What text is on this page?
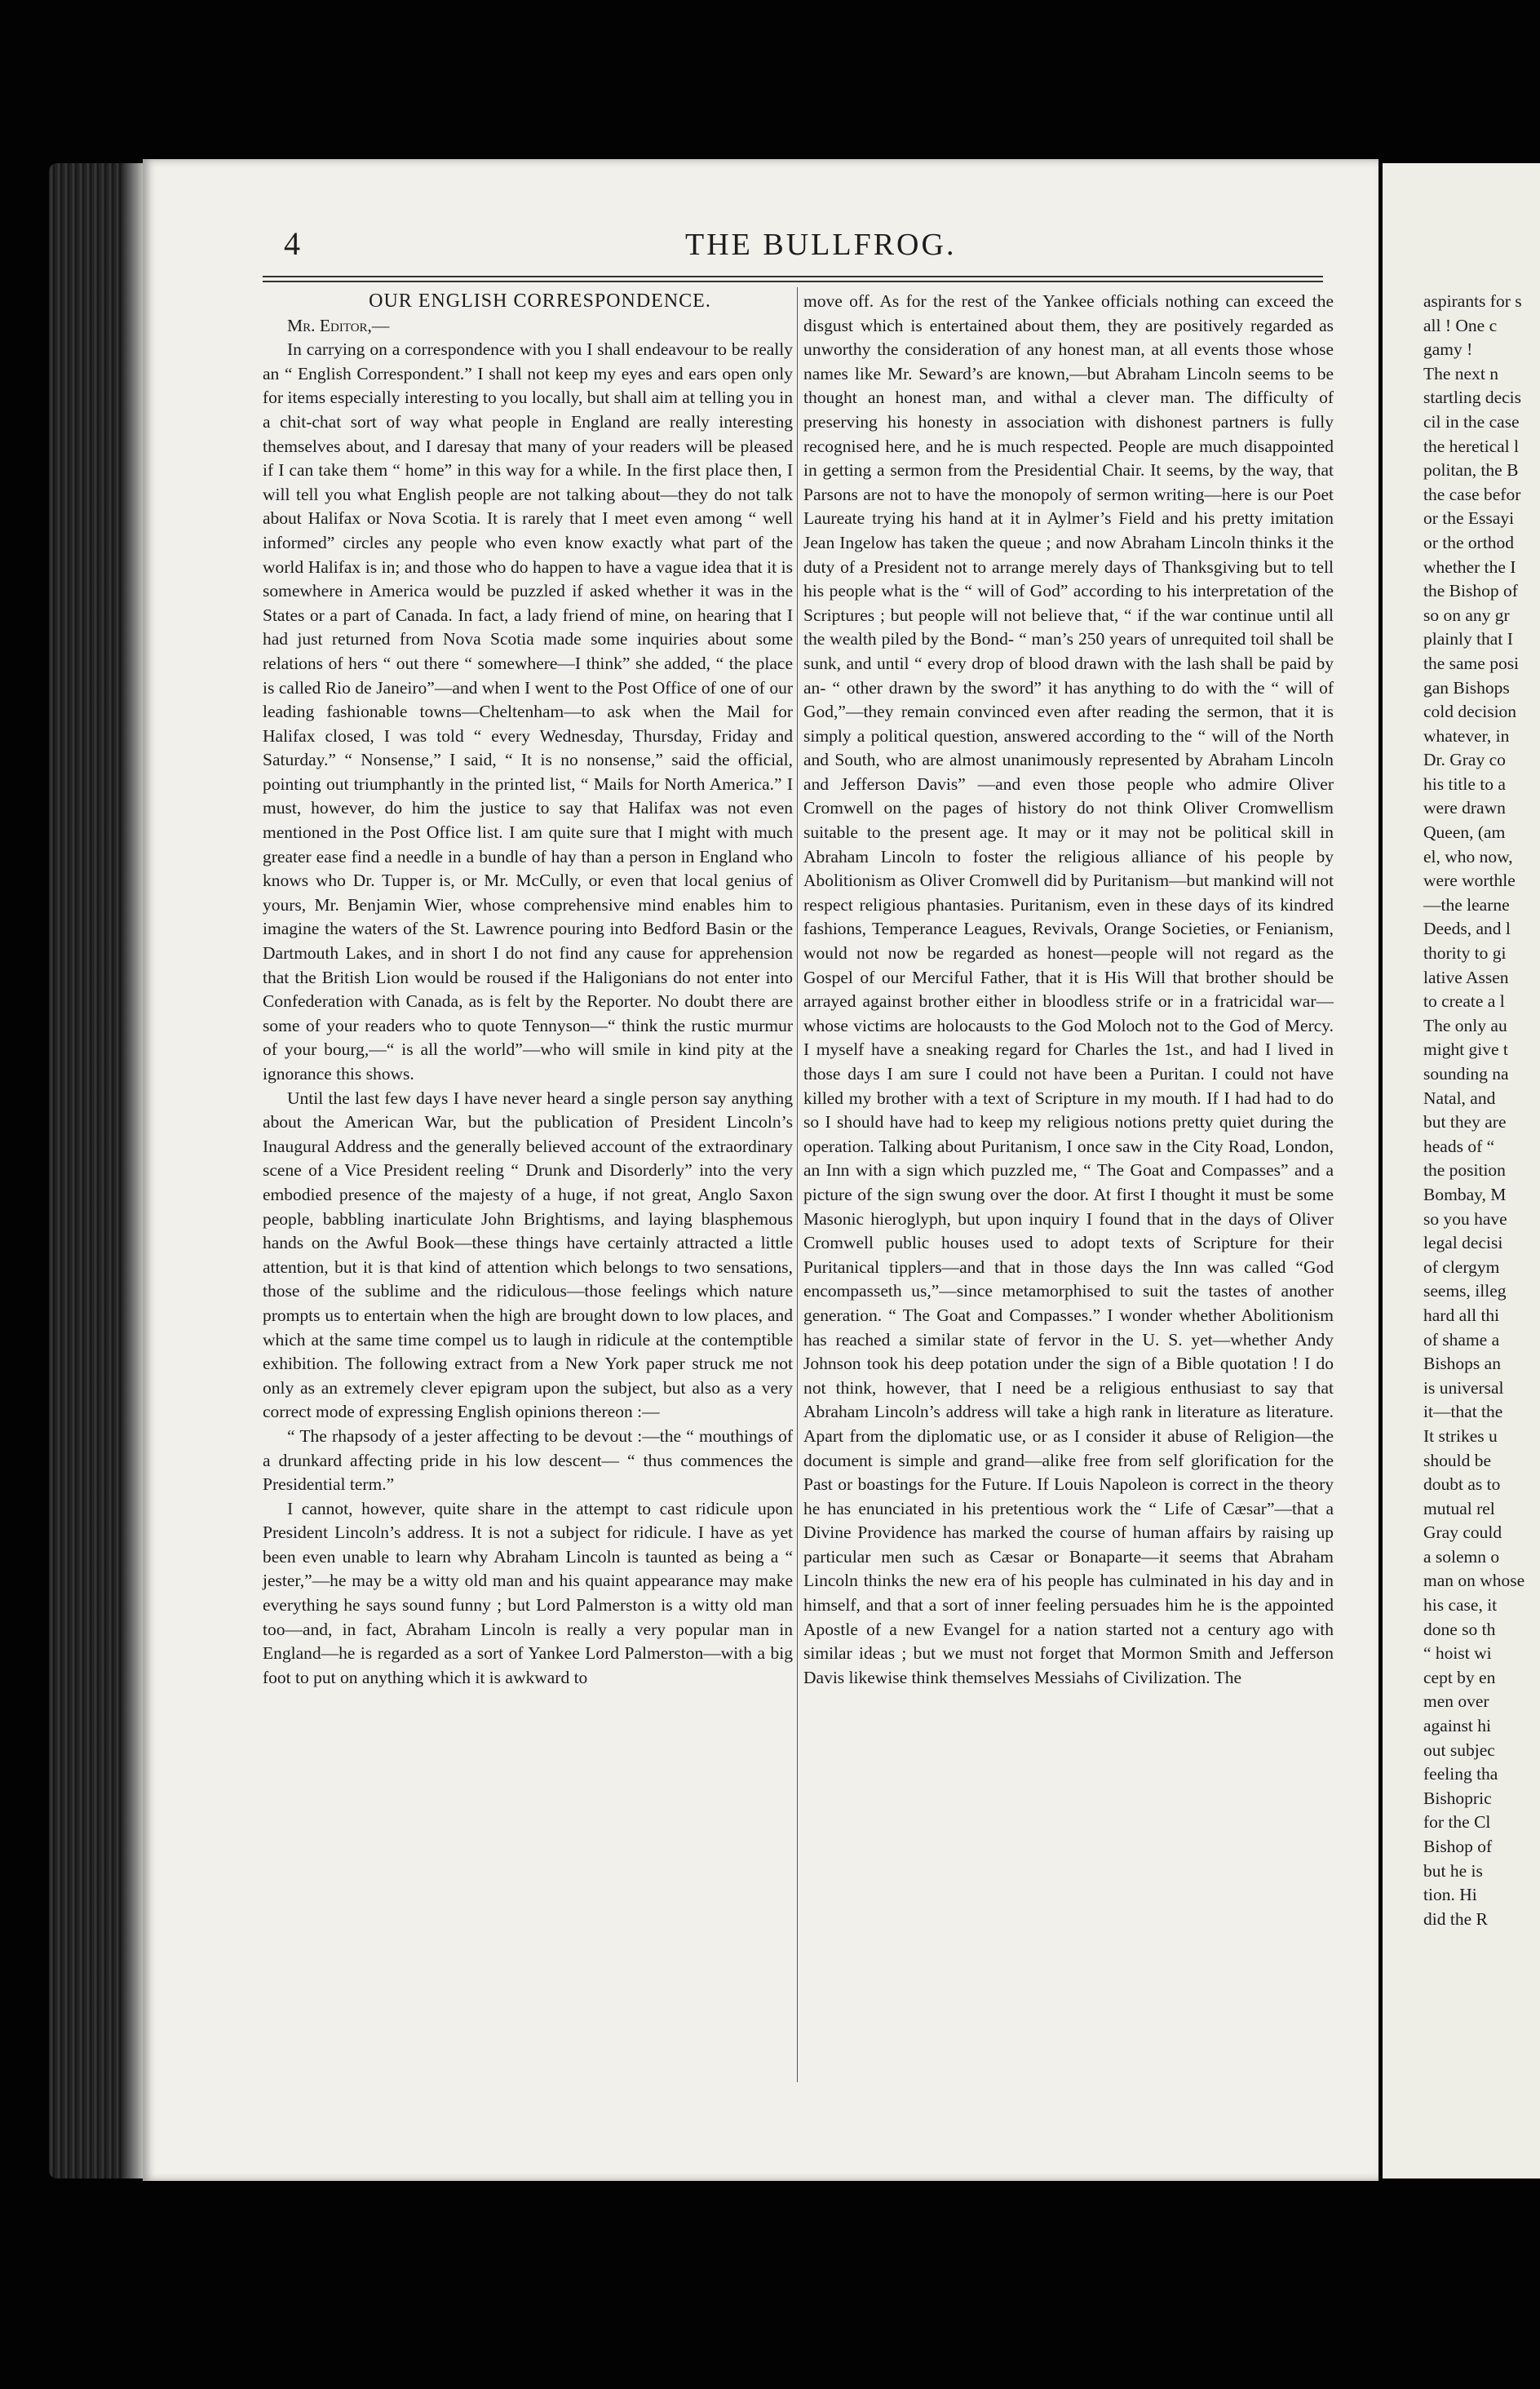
4	THE BULLFROG.

OUR ENGLISH CORRESPONDENCE.

Mr. Editor,—

In carrying on a correspondence with you I shall endeavour to be really an “ English Correspondent.” I shall not keep my eyes and ears open only for items especially interesting to you locally, but shall aim at telling you in a chit-chat sort of way what people in England are really interesting themselves about, and I daresay that many of your readers will be pleased if I can take them “ home” in this way for a while. In the first place then, I will tell you what English people are not talking about—they do not talk about Halifax or Nova Scotia. It is rarely that I meet even among “ well informed” circles any people who even know exactly what part of the world Halifax is in; and those who do happen to have a vague idea that it is somewhere in America would be puzzled if asked whether it was in the States or a part of Canada. In fact, a lady friend of mine, on hearing that I had just returned from Nova Scotia made some inquiries about some relations of hers “ out there “ somewhere—I think” she added, “ the place is called Rio de Janeiro”—and when I went to the Post Office of one of our leading fashionable towns—Cheltenham—to ask when the Mail for Halifax closed, I was told “ every Wednesday, Thursday, Friday and Saturday.” “ Nonsense,” I said, “ It is no nonsense,” said the official, pointing out triumphantly in the printed list, “ Mails for North America.” I must, however, do him the justice to say that Halifax was not even mentioned in the Post Office list. I am quite sure that I might with much greater ease find a needle in a bundle of hay than a person in England who knows who Dr. Tupper is, or Mr. McCully, or even that local genius of yours, Mr. Benjamin Wier, whose comprehensive mind enables him to imagine the waters of the St. Lawrence pouring into Bedford Basin or the Dartmouth Lakes, and in short I do not find any cause for apprehension that the British Lion would be roused if the Haligonians do not enter into Confederation with Canada, as is felt by the Reporter. No doubt there are some of your readers who to quote Tennyson—“ think the rustic murmur of your bourg,—“ is all the world”—who will smile in kind pity at the ignorance this shows.

Until the last few days I have never heard a single person say anything about the American War, but the publication of President Lincoln’s Inaugural Address and the generally believed account of the extraordinary scene of a Vice President reeling “ Drunk and Disorderly” into the very embodied presence of the majesty of a huge, if not great, Anglo Saxon people, babbling inarticulate John Brightisms, and laying blasphemous hands on the Awful Book—these things have certainly attracted a little attention, but it is that kind of attention which belongs to two sensations, those of the sublime and the ridiculous—those feelings which nature prompts us to entertain when the high are brought down to low places, and which at the same time compel us to laugh in ridicule at the contemptible exhibition. The following extract from a New York paper struck me not only as an extremely clever epigram upon the subject, but also as a very correct mode of expressing English opinions thereon :—

“ The rhapsody of a jester affecting to be devout :—the “ mouthings of a drunkard affecting pride in his low descent— “ thus commences the Presidential term.”

I cannot, however, quite share in the attempt to cast ridicule upon President Lincoln’s address. It is not a subject for ridicule. I have as yet been even unable to learn why Abraham Lincoln is taunted as being a “ jester,”—he may be a witty old man and his quaint appearance may make everything he says sound funny ; but Lord Palmerston is a witty old man too—and, in fact, Abraham Lincoln is really a very popular man in England—he is regarded as a sort of Yankee Lord Palmerston—with a big foot to put on anything which it is awkward to

move off. As for the rest of the Yankee officials nothing can exceed the disgust which is entertained about them, they are positively regarded as unworthy the consideration of any honest man, at all events those whose names like Mr. Seward’s are known,—but Abraham Lincoln seems to be thought an honest man, and withal a clever man. The difficulty of preserving his honesty in association with dishonest partners is fully recognised here, and he is much respected. People are much disappointed in getting a sermon from the Presidential Chair. It seems, by the way, that Parsons are not to have the monopoly of sermon writing—here is our Poet Laureate trying his hand at it in Aylmer’s Field and his pretty imitation Jean Ingelow has taken the queue ; and now Abraham Lincoln thinks it the duty of a President not to arrange merely days of Thanksgiving but to tell his people what is the “ will of God” according to his interpretation of the Scriptures ; but people will not believe that, “ if the war continue until all the wealth piled by the Bond- “ man’s 250 years of unrequited toil shall be sunk, and until “ every drop of blood drawn with the lash shall be paid by an- “ other drawn by the sword” it has anything to do with the “ will of God,”—they remain convinced even after reading the sermon, that it is simply a political question, answered according to the “ will of the North and South, who are almost unanimously represented by Abraham Lincoln and Jefferson Davis” —and even those people who admire Oliver Cromwell on the pages of history do not think Oliver Cromwellism suitable to the present age. It may or it may not be political skill in Abraham Lincoln to foster the religious alliance of his people by Abolitionism as Oliver Cromwell did by Puritanism—but mankind will not respect religious phantasies. Puritanism, even in these days of its kindred fashions, Temperance Leagues, Revivals, Orange Societies, or Fenianism, would not now be regarded as honest—people will not regard as the Gospel of our Merciful Father, that it is His Will that brother should be arrayed against brother either in bloodless strife or in a fratricidal war—whose victims are holocausts to the God Moloch not to the God of Mercy. I myself have a sneaking regard for Charles the 1st., and had I lived in those days I am sure I could not have been a Puritan. I could not have killed my brother with a text of Scripture in my mouth. If I had had to do so I should have had to keep my religious notions pretty quiet during the operation. Talking about Puritanism, I once saw in the City Road, London, an Inn with a sign which puzzled me, “ The Goat and Compasses” and a picture of the sign swung over the door. At first I thought it must be some Masonic hieroglyph, but upon inquiry I found that in the days of Oliver Cromwell public houses used to adopt texts of Scripture for their Puritanical tipplers—and that in those days the Inn was called “God encompasseth us,”—since metamorphised to suit the tastes of another generation. “ The Goat and Compasses.” I wonder whether Abolitionism has reached a similar state of fervor in the U. S. yet—whether Andy Johnson took his deep potation under the sign of a Bible quotation ! I do not think, however, that I need be a religious enthusiast to say that Abraham Lincoln’s address will take a high rank in literature as literature. Apart from the diplomatic use, or as I consider it abuse of Religion—the document is simple and grand—alike free from self glorification for the Past or boastings for the Future. If Louis Napoleon is correct in the theory he has enunciated in his pretentious work the “ Life of Cæsar”—that a Divine Providence has marked the course of human affairs by raising up particular men such as Cæsar or Bonaparte—it seems that Abraham Lincoln thinks the new era of his people has culminated in his day and in himself, and that a sort of inner feeling persuades him he is the appointed Apostle of a new Evangel for a nation started not a century ago with similar ideas ; but we must not forget that Mormon Smith and Jefferson Davis likewise think themselves Messiahs of Civilization. The

aspirants for s
all ! One c
gamy !
The next n
startling decis
cil in the case
the heretical l
politan, the B
the case befor
or the Essayi
or the orthod
whether the I
the Bishop of
so on any gr
plainly that I
the same posi
gan Bishops
cold decision
whatever, in
Dr. Gray co
his title to a
were drawn
Queen, (am
el, who now,
were worthle
—the learne
Deeds, and l
thority to gi
lative Assen
to create a l
The only au
might give t
sounding na
Natal, and
but they are
heads of “
the position
Bombay, M
so you have
legal decisi
of clergym
seems, illeg
hard all thi
of shame a
Bishops an
is universal
it—that the
It strikes u
should be
doubt as to
mutual rel
Gray could
a solemn o
man on whose
his case, it
done so th
“ hoist wi
cept by en
men over
against hi
out subjec
feeling tha
Bishopric
for the Cl
Bishop of
but he is
tion. Hi
did the R
